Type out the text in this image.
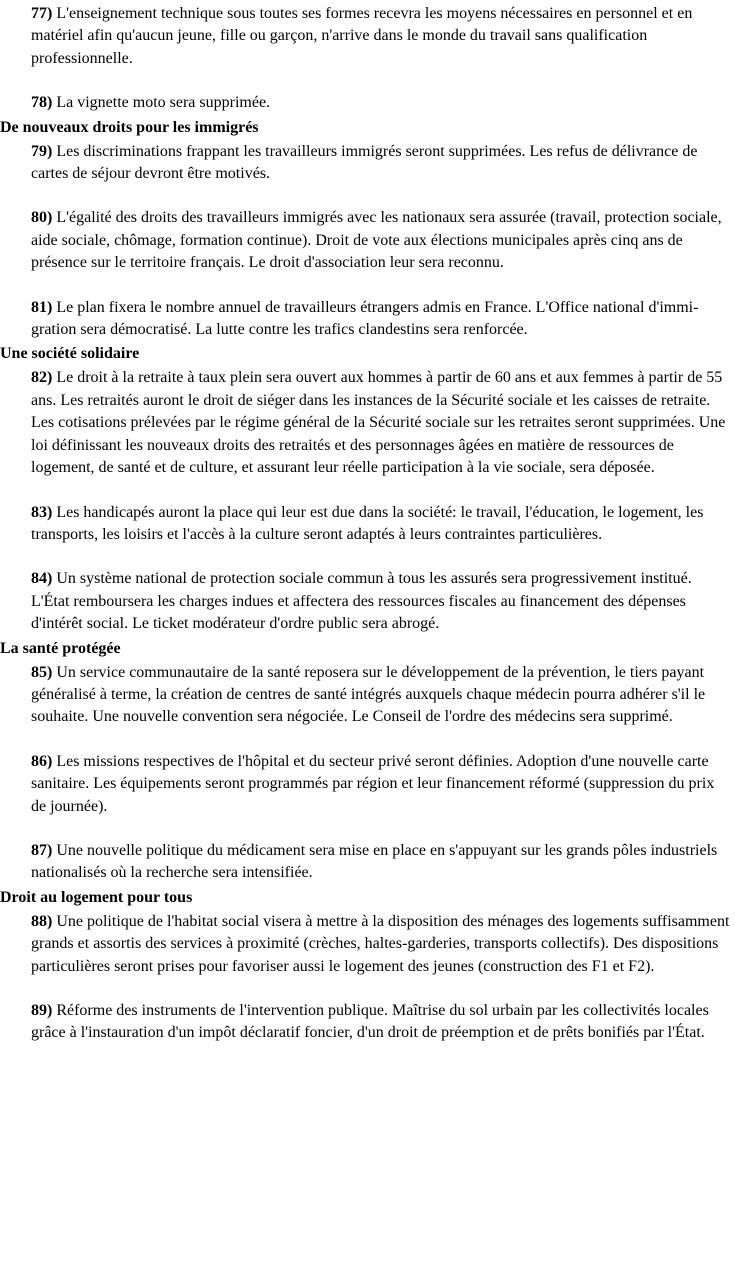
77) L'enseignement technique sous toutes ses formes recevra les moyens nécessaires en personnel et en matériel afin qu'aucun jeune, fille ou garçon, n'arrive dans le monde du travail sans qualification professionnelle.
78) La vignette moto sera supprimée.
De nouveaux droits pour les immigrés
79) Les discriminations frappant les travailleurs immigrés seront supprimées. Les refus de délivrance de cartes de séjour devront être motivés.
80) L'égalité des droits des travailleurs immigrés avec les nationaux sera assurée (travail, protection sociale, aide sociale, chômage, formation continue). Droit de vote aux élections municipales après cinq ans de présence sur le territoire français. Le droit d'association leur sera reconnu.
81) Le plan fixera le nombre annuel de travailleurs étrangers admis en France. L'Office national d'immi-gration sera démocratisé. La lutte contre les trafics clandestins sera renforcée.
Une société solidaire
82) Le droit à la retraite à taux plein sera ouvert aux hommes à partir de 60 ans et aux femmes à partir de 55 ans. Les retraités auront le droit de siéger dans les instances de la Sécurité sociale et les caisses de retraite. Les cotisations prélevées par le régime général de la Sécurité sociale sur les retraites seront supprimées. Une loi définissant les nouveaux droits des retraités et des personnages âgées en matière de ressources de logement, de santé et de culture, et assurant leur réelle participation à la vie sociale, sera déposée.
83) Les handicapés auront la place qui leur est due dans la société: le travail, l'éducation, le logement, les transports, les loisirs et l'accès à la culture seront adaptés à leurs contraintes particulières.
84) Un système national de protection sociale commun à tous les assurés sera progressivement institué. L'État remboursera les charges indues et affectera des ressources fiscales au financement des dépenses d'intérêt social. Le ticket modérateur d'ordre public sera abrogé.
La santé protégée
85) Un service communautaire de la santé reposera sur le développement de la prévention, le tiers payant généralisé à terme, la création de centres de santé intégrés auxquels chaque médecin pourra adhérer s'il le souhaite. Une nouvelle convention sera négociée. Le Conseil de l'ordre des médecins sera supprimé.
86) Les missions respectives de l'hôpital et du secteur privé seront définies. Adoption d'une nouvelle carte sanitaire. Les équipements seront programmés par région et leur financement réformé (suppression du prix de journée).
87) Une nouvelle politique du médicament sera mise en place en s'appuyant sur les grands pôles industriels nationalisés où la recherche sera intensifiée.
Droit au logement pour tous
88) Une politique de l'habitat social visera à mettre à la disposition des ménages des logements suffisamment grands et assortis des services à proximité (crèches, haltes-garderies, transports collectifs). Des dispositions particulières seront prises pour favoriser aussi le logement des jeunes (construction des F1 et F2).
89) Réforme des instruments de l'intervention publique. Maîtrise du sol urbain par les collectivités locales grâce à l'instauration d'un impôt déclaratif foncier, d'un droit de préemption et de prêts bonifiés par l'État.
